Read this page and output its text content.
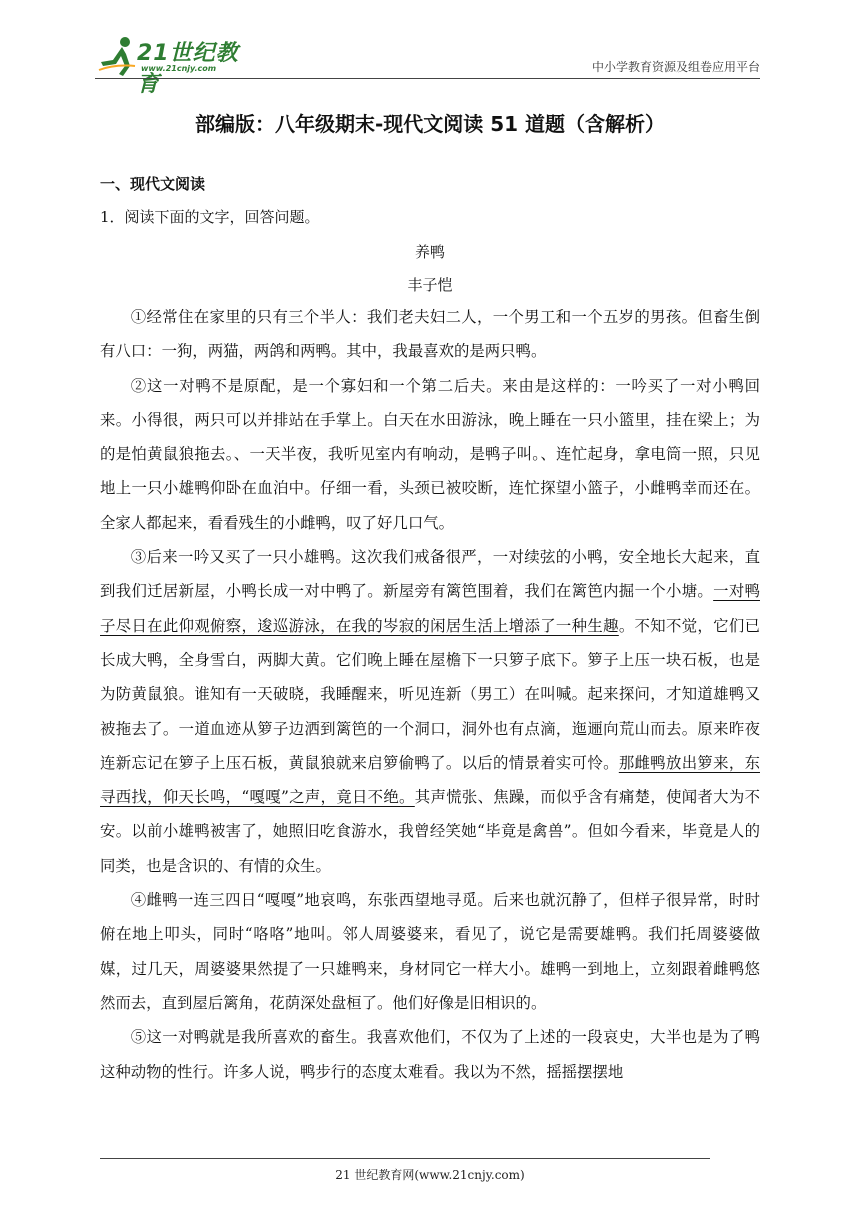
21世纪教育
www.21cnjy.com	中小学教育资源及组卷应用平台
部编版：八年级期末-现代文阅读 51 道题（含解析）
一、现代文阅读
1．阅读下面的文字，回答问题。
养鸭
丰子恺

①经常住在家里的只有三个半人：我们老夫妇二人，一个男工和一个五岁的男孩。但畜生倒有八口：一狗，两猫，两鸽和两鸭。其中，我最喜欢的是两只鸭。

②这一对鸭不是原配，是一个寡妇和一个第二后夫。来由是这样的：一吟买了一对小鸭回来。小得很，两只可以并排站在手掌上。白天在水田游泳，晚上睡在一只小篮里，挂在梁上；为的是怕黄鼠狼拖去。、一天半夜，我听见室内有响动，是鸭子叫。、连忙起身，拿电筒一照，只见地上一只小雄鸭仰卧在血泊中。仔细一看，头颈已被咬断，连忙探望小篮子，小雌鸭幸而还在。全家人都起来，看看残生的小雌鸭，叹了好几口气。

③后来一吟又买了一只小雄鸭。这次我们戒备很严，一对续弦的小鸭，安全地长大起来，直到我们迁居新屋，小鸭长成一对中鸭了。新屋旁有篱笆围着，我们在篱笆内掘一个小塘。一对鸭子尽日在此仰观俯察，逡巡游泳，在我的岑寂的闲居生活上增添了一种生趣。不知不觉，它们已长成大鸭，全身雪白，两脚大黄。它们晚上睡在屋檐下一只箩子底下。箩子上压一块石板，也是为防黄鼠狼。谁知有一天破晓，我睡醒来，听见连新（男工）在叫喊。起来探问，才知道雄鸭又被拖去了。一道血迹从箩子边洒到篱笆的一个洞口，洞外也有点滴，迤逦向荒山而去。原来昨夜连新忘记在箩子上压石板，黄鼠狼就来启箩偷鸭了。以后的情景着实可怜。那雌鸭放出箩来，东寻西找，仰天长鸣，“嘎嘎”之声，竟日不绝。其声慌张、焦躁，而似乎含有痛楚，使闻者大为不安。以前小雄鸭被害了，她照旧吃食游水，我曾经笑她“毕竟是禽兽”。但如今看来，毕竟是人的同类，也是含识的、有情的众生。

④雌鸭一连三四日“嘎嘎”地哀鸣，东张西望地寻觅。后来也就沉静了，但样子很异常，时时俯在地上叩头，同时“咯咯”地叫。邻人周婆婆来，看见了，说它是需要雄鸭。我们托周婆婆做媒，过几天，周婆婆果然提了一只雄鸭来，身材同它一样大小。雄鸭一到地上，立刻跟着雌鸭悠然而去，直到屋后篱角，花荫深处盘桓了。他们好像是旧相识的。

⑤这一对鸭就是我所喜欢的畜生。我喜欢他们，不仅为了上述的一段哀史，大半也是为了鸭这种动物的性行。许多人说，鸭步行的态度太难看。我以为不然，摇摇摆摆地

21 世纪教育网(www.21cnjy.com)
